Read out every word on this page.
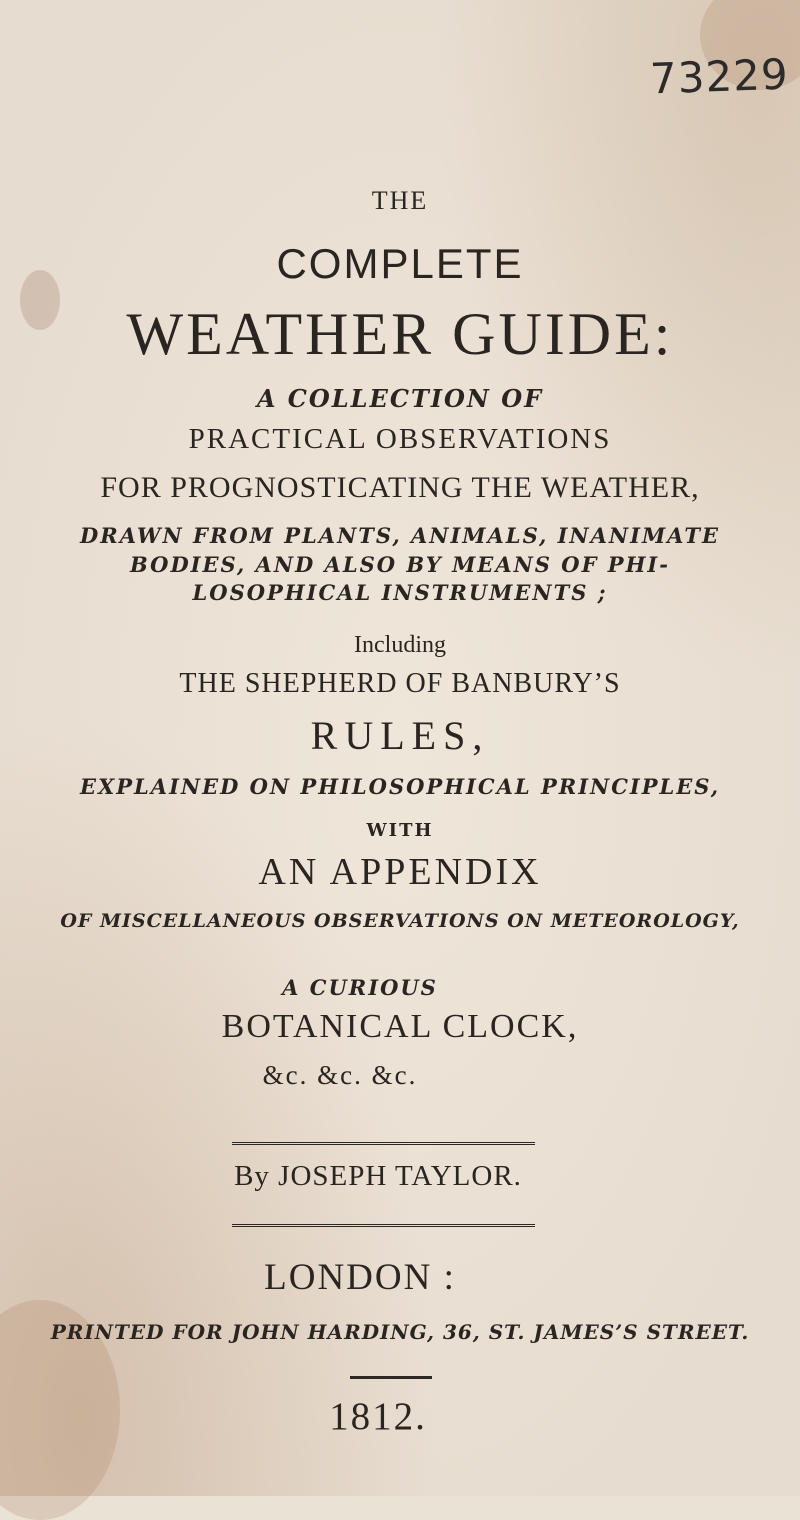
73229
THE
COMPLETE
WEATHER GUIDE:
A COLLECTION OF
PRACTICAL OBSERVATIONS
FOR PROGNOSTICATING THE WEATHER,
DRAWN FROM PLANTS, ANIMALS, INANIMATE
BODIES, AND ALSO BY MEANS OF PHI-
LOSOPHICAL INSTRUMENTS ;
Including
THE SHEPHERD OF BANBURY’S
RULES,
EXPLAINED ON PHILOSOPHICAL PRINCIPLES,
WITH
AN APPENDIX
OF MISCELLANEOUS OBSERVATIONS ON METEOROLOGY,
A CURIOUS
BOTANICAL CLOCK,
&c. &c. &c.
By JOSEPH TAYLOR.
LONDON :
PRINTED FOR JOHN HARDING, 36, ST. JAMES’S STREET.
1812.
